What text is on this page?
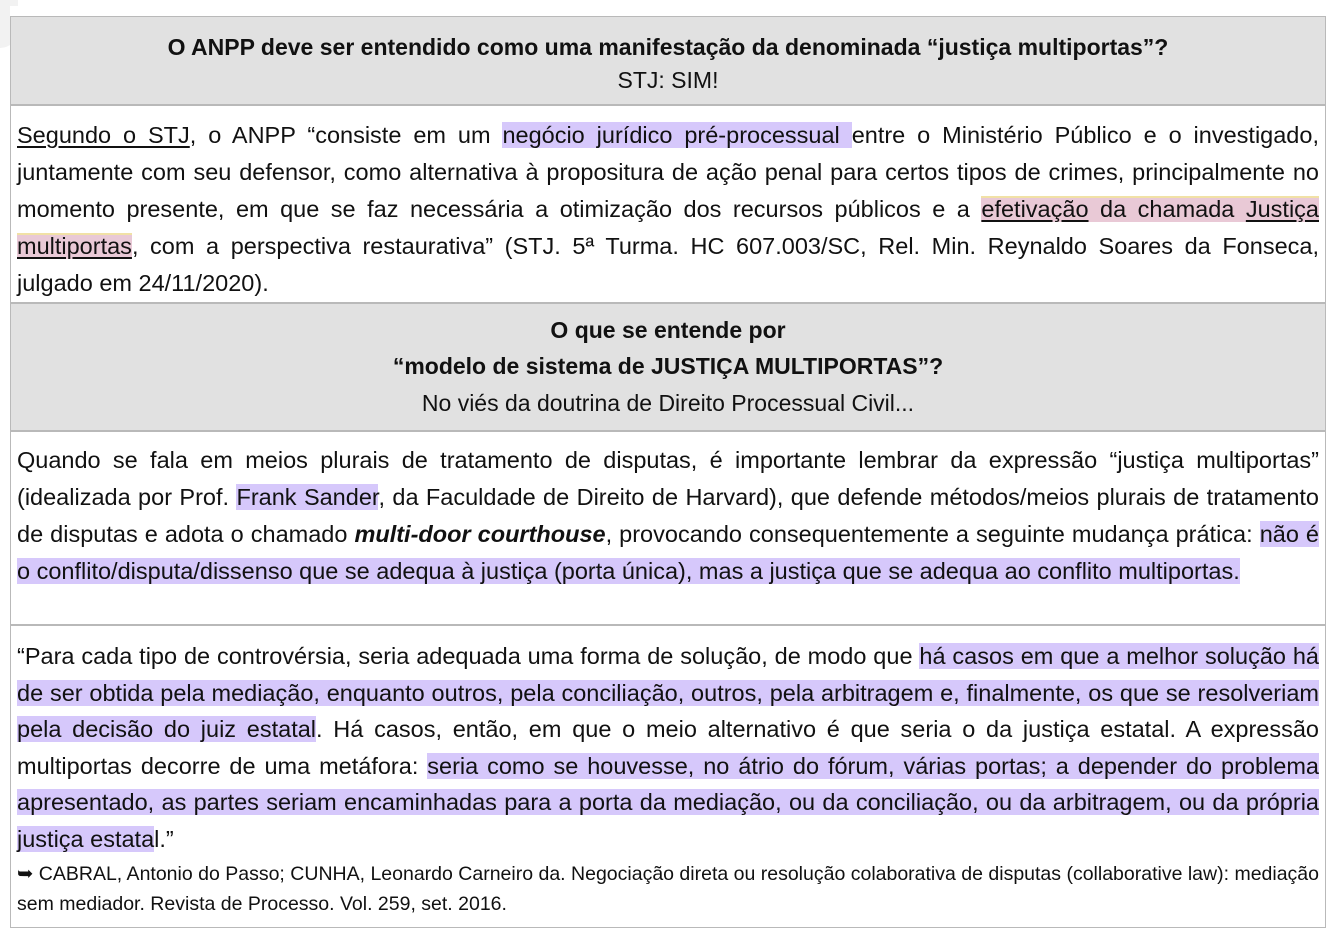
O ANPP deve ser entendido como uma manifestação da denominada “justiça multiportas”?
STJ: SIM!
Segundo o STJ, o ANPP “consiste em um negócio jurídico pré-processual entre o Ministério Público e o investigado, juntamente com seu defensor, como alternativa à propositura de ação penal para certos tipos de crimes, principalmente no momento presente, em que se faz necessária a otimização dos recursos públicos e a efetivação da chamada Justiça multiportas, com a perspectiva restaurativa” (STJ. 5ª Turma. HC 607.003/SC, Rel. Min. Reynaldo Soares da Fonseca, julgado em 24/11/2020).
O que se entende por
“modelo de sistema de JUSTIÇA MULTIPORTAS”?
No viés da doutrina de Direito Processual Civil...
Quando se fala em meios plurais de tratamento de disputas, é importante lembrar da expressão “justiça multiportas” (idealizada por Prof. Frank Sander, da Faculdade de Direito de Harvard), que defende métodos/meios plurais de tratamento de disputas e adota o chamado multi-door courthouse, provocando consequentemente a seguinte mudança prática: não é o conflito/disputa/dissenso que se adequa à justiça (porta única), mas a justiça que se adequa ao conflito multiportas.
“Para cada tipo de controvérsia, seria adequada uma forma de solução, de modo que há casos em que a melhor solução há de ser obtida pela mediação, enquanto outros, pela conciliação, outros, pela arbitragem e, finalmente, os que se resolveriam pela decisão do juiz estatal. Há casos, então, em que o meio alternativo é que seria o da justiça estatal. A expressão multiportas decorre de uma metáfora: seria como se houvesse, no átrio do fórum, várias portas; a depender do problema apresentado, as partes seriam encaminhadas para a porta da mediação, ou da conciliação, ou da arbitragem, ou da própria justiça estatal.”
➥ CABRAL, Antonio do Passo; CUNHA, Leonardo Carneiro da. Negociação direta ou resolução colaborativa de disputas (collaborative law): mediação sem mediador. Revista de Processo. Vol. 259, set. 2016.
